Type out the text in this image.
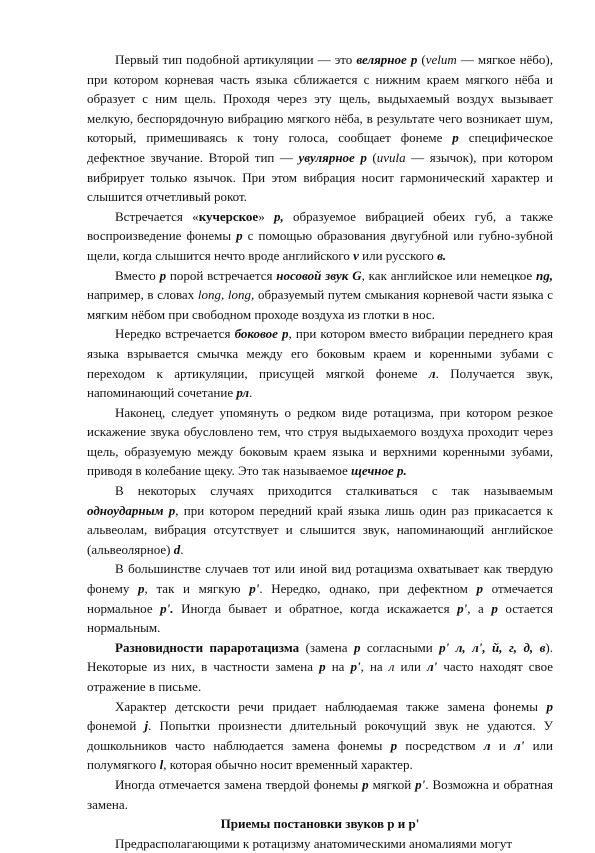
Первый тип подобной артикуляции — это велярное р (velum — мягкое нёбо), при котором корневая часть языка сближается с нижним краем мягкого нёба и образует с ним щель. Проходя через эту щель, выдыхаемый воздух вызывает мелкую, беспорядочную вибрацию мягкого нёба, в результате чего возникает шум, который, примешиваясь к тону голоса, сообщает фонеме р специфическое дефектное звучание. Второй тип — увулярное р (uvula — язычок), при котором вибрирует только язычок. При этом вибрация носит гармонический характер и слышится отчетливый рокот.

Встречается «кучерское» р, образуемое вибрацией обеих губ, а также воспроизведение фонемы р с помощью образования двугубной или губно-зубной щели, когда слышится нечто вроде английского v или русского в.

Вместо р порой встречается носовой звук G, как английское или немецкое ng, например, в словах long, long, образуемый путем смыкания корневой части языка с мягким нёбом при свободном проходе воздуха из глотки в нос.

Нередко встречается боковое р, при котором вместо вибрации переднего края языка взрывается смычка между его боковым краем и коренными зубами с переходом к артикуляции, присущей мягкой фонеме л. Получается звук, напоминающий сочетание рл.

Наконец, следует упомянуть о редком виде ротацизма, при котором резкое искажение звука обусловлено тем, что струя выдыхаемого воздуха проходит через щель, образуемую между боковым краем языка и верхними коренными зубами, приводя в колебание щеку. Это так называемое щечное р.

В некоторых случаях приходится сталкиваться с так называемым одноударным р, при котором передний край языка лишь один раз прикасается к альвеолам, вибрация отсутствует и слышится звук, напоминающий английское (альвеолярное) d.

В большинстве случаев тот или иной вид ротацизма охватывает как твердую фонему р, так и мягкую р'. Нередко, однако, при дефектном р отмечается нормальное р'. Иногда бывает и обратное, когда искажается р', а р остается нормальным.

Разновидности параротацизма (замена р согласными р' л, л', й, г, д, в). Некоторые из них, в частности замена р на р', на л или л' часто находят свое отражение в письме.

Характер детскости речи придает наблюдаемая также замена фонемы р фонемой j. Попытки произнести длительный рокочущий звук не удаются. У дошкольников часто наблюдается замена фонемы р посредством л и л' или полумягкого l, которая обычно носит временный характер.

Иногда отмечается замена твердой фонемы р мягкой р'. Возможна и обратная замена.

Приемы постановки звуков р и р'

Предрасполагающими к ротацизму анатомическими аномалиями могут
